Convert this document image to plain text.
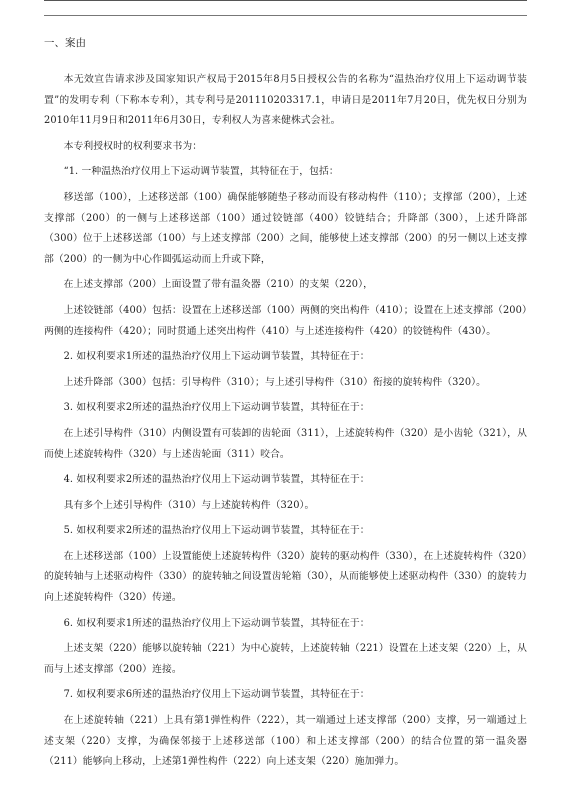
一、案由

本无效宣告请求涉及国家知识产权局于2015年8月5日授权公告的名称为“温热治疗仪用上下运动调节装置”的发明专利（下称本专利），其专利号是201110203317.1，申请日是2011年7月20日，优先权日分别为2010年11月9日和2011年6月30日，专利权人为喜来健株式会社。

本专利授权时的权利要求书为：

“1. 一种温热治疗仪用上下运动调节装置，其特征在于，包括：

移送部（100），上述移送部（100）确保能够随垫子移动而设有移动构件（110）；支撑部（200），上述支撑部（200）的一侧与上述移送部（100）通过铰链部（400）铰链结合；升降部（300），上述升降部（300）位于上述移送部（100）与上述支撑部（200）之间，能够使上述支撑部（200）的另一侧以上述支撑部（200）的一侧为中心作圆弧运动而上升或下降，

在上述支撑部（200）上面设置了带有温灸器（210）的支架（220），

上述铰链部（400）包括：设置在上述移送部（100）两侧的突出构件（410）；设置在上述支撑部（200）两侧的连接构件（420）；同时贯通上述突出构件（410）与上述连接构件（420）的铰链构件（430）。

2. 如权利要求1所述的温热治疗仪用上下运动调节装置，其特征在于：

上述升降部（300）包括：引导构件（310）；与上述引导构件（310）衔接的旋转构件（320）。

3. 如权利要求2所述的温热治疗仪用上下运动调节装置，其特征在于：

在上述引导构件（310）内侧设置有可装卸的齿轮面（311），上述旋转构件（320）是小齿轮（321），从而使上述旋转构件（320）与上述齿轮面（311）咬合。

4. 如权利要求2所述的温热治疗仪用上下运动调节装置，其特征在于：

具有多个上述引导构件（310）与上述旋转构件（320）。

5. 如权利要求2所述的温热治疗仪用上下运动调节装置，其特征在于：

在上述移送部（100）上设置能使上述旋转构件（320）旋转的驱动构件（330），在上述旋转构件（320）的旋转轴与上述驱动构件（330）的旋转轴之间设置齿轮箱（30），从而能够使上述驱动构件（330）的旋转力向上述旋转构件（320）传递。

6. 如权利要求1所述的温热治疗仪用上下运动调节装置，其特征在于：

上述支架（220）能够以旋转轴（221）为中心旋转，上述旋转轴（221）设置在上述支架（220）上，从而与上述支撑部（200）连接。

7. 如权利要求6所述的温热治疗仪用上下运动调节装置，其特征在于：

在上述旋转轴（221）上具有第1弹性构件（222），其一端通过上述支撑部（200）支撑，另一端通过上述支架（220）支撑，为确保邻接于上述移送部（100）和上述支撑部（200）的结合位置的第一温灸器（211）能够向上移动，上述第1弹性构件（222）向上述支架（220）施加弹力。
